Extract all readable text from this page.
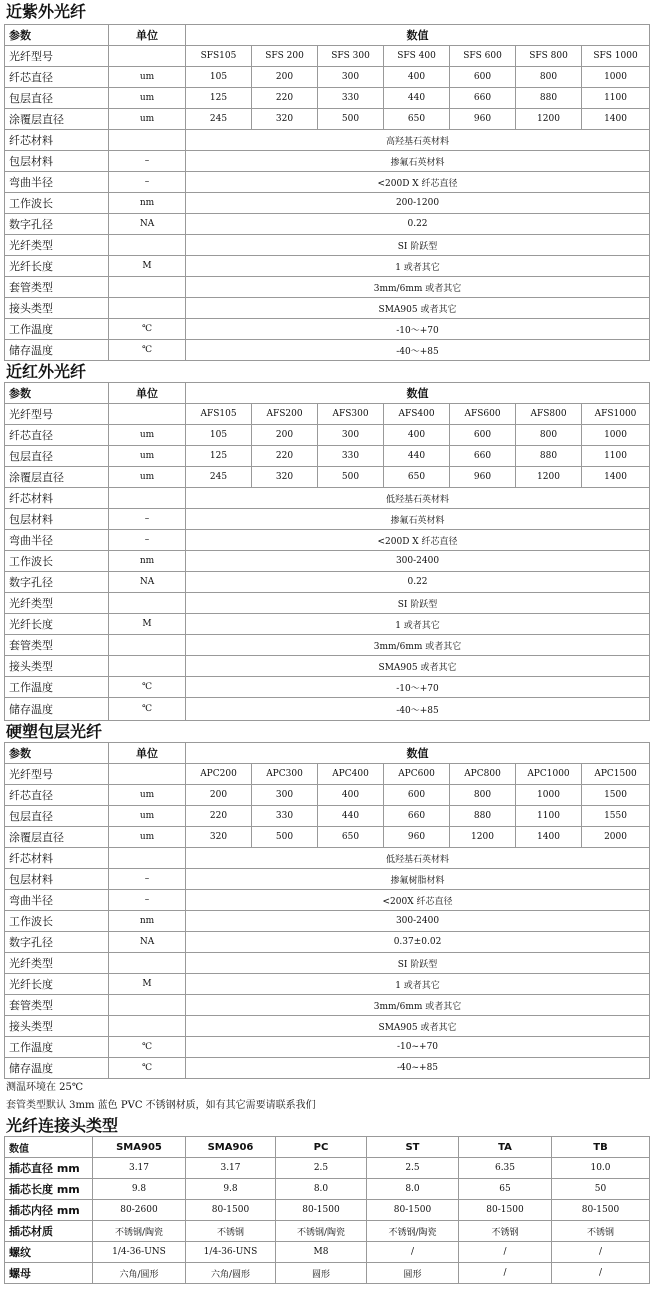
近紫外光纤
参数	单位	数值						
光纤型号		SFS105	SFS 200	SFS 300	SFS 400	SFS 600	SFS 800	SFS 1000
纤芯直径	um	105	200	300	400	600	800	1000
包层直径	um	125	220	330	440	660	880	1100
涂覆层直径	um	245	320	500	650	960	1200	1400
纤芯材料		高羟基石英材料						
包层材料	–	掺氟石英材料						
弯曲半径	–	<200D X 纤芯直径						
工作波长	nm	200-1200						
数字孔径	NA	0.22						
光纤类型		SI 阶跃型						
光纤长度	M	1 或者其它						
套管类型		3mm/6mm 或者其它						
接头类型		SMA905 或者其它						
工作温度	℃	-10～+70						
储存温度	℃	-40～+85						
近红外光纤
参数	单位	数值						
光纤型号		AFS105	AFS200	AFS300	AFS400	AFS600	AFS800	AFS1000
纤芯直径	um	105	200	300	400	600	800	1000
包层直径	um	125	220	330	440	660	880	1100
涂覆层直径	um	245	320	500	650	960	1200	1400
纤芯材料		低羟基石英材料						
包层材料	–	掺氟石英材料						
弯曲半径	–	<200D X 纤芯直径						
工作波长	nm	300-2400						
数字孔径	NA	0.22						
光纤类型		SI 阶跃型						
光纤长度	M	1 或者其它						
套管类型		3mm/6mm 或者其它						
接头类型		SMA905 或者其它						
工作温度	℃	-10～+70						
储存温度	℃	-40～+85						
硬塑包层光纤
参数	单位	数值						
光纤型号		APC200	APC300	APC400	APC600	APC800	APC1000	APC1500
纤芯直径	um	200	300	400	600	800	1000	1500
包层直径	um	220	330	440	660	880	1100	1550
涂覆层直径	um	320	500	650	960	1200	1400	2000
纤芯材料		低羟基石英材料						
包层材料	–	掺氟树脂材料						
弯曲半径	–	<200X 纤芯直径						
工作波长	nm	300-2400						
数字孔径	NA	0.37±0.02						
光纤类型		SI 阶跃型						
光纤长度	M	1 或者其它						
套管类型		3mm/6mm 或者其它						
接头类型		SMA905 或者其它						
工作温度	℃	-10~+70						
储存温度	℃	-40~+85						
测温环境在 25℃
套管类型默认 3mm 蓝色 PVC 不锈钢材质，如有其它需要请联系我们
光纤连接头类型
数值	SMA905	SMA906	PC	ST	TA	TB
插芯直径 mm	3.17	3.17	2.5	2.5	6.35	10.0
插芯长度 mm	9.8	9.8	8.0	8.0	65	50
插芯内径 mm	80-2600	80-1500	80-1500	80-1500	80-1500	80-1500
插芯材质	不锈钢/陶瓷	不锈钢	不锈钢/陶瓷	不锈钢/陶瓷	不锈钢	不锈钢
螺纹	1/4-36-UNS	1/4-36-UNS	M8	/	/	/
螺母	六角/圆形	六角/圆形	圆形	圆形	/	/
